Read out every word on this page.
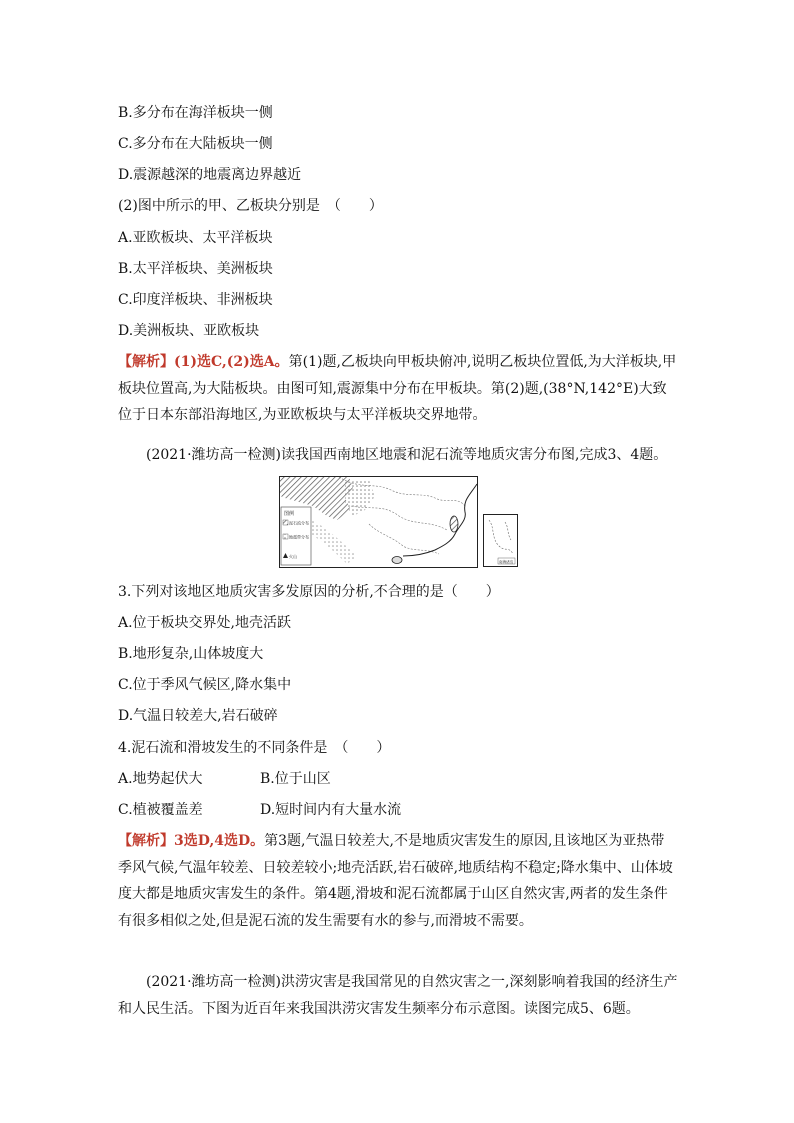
B.多分布在海洋板块一侧
C.多分布在大陆板块一侧
D.震源越深的地震离边界越近
(2)图中所示的甲、乙板块分别是　（　　）
A.亚欧板块、太平洋板块
B.太平洋板块、美洲板块
C.印度洋板块、非洲板块
D.美洲板块、亚欧板块
【解析】(1)选C,(2)选A。第(1)题,乙板块向甲板块俯冲,说明乙板块位置低,为大洋板块,甲板块位置高,为大陆板块。由图可知,震源集中分布在甲板块。第(2)题,(38°N,142°E)大致位于日本东部沿海地区,为亚欧板块与太平洋板块交界地带。
(2021·潍坊高一检测)读我国西南地区地震和泥石流等地质灾害分布图,完成3、4题。
图例
泥石流分布
地震带分布
火山
南海诸岛
3.下列对该地区地质灾害多发原因的分析,不合理的是（　　）
A.位于板块交界处,地壳活跃
B.地形复杂,山体坡度大
C.位于季风气候区,降水集中
D.气温日较差大,岩石破碎
4.泥石流和滑坡发生的不同条件是　（　　）
A.地势起伏大	B.位于山区
C.植被覆盖差	D.短时间内有大量水流
【解析】3选D,4选D。第3题,气温日较差大,不是地质灾害发生的原因,且该地区为亚热带季风气候,气温年较差、日较差较小;地壳活跃,岩石破碎,地质结构不稳定;降水集中、山体坡度大都是地质灾害发生的条件。第4题,滑坡和泥石流都属于山区自然灾害,两者的发生条件有很多相似之处,但是泥石流的发生需要有水的参与,而滑坡不需要。
(2021·潍坊高一检测)洪涝灾害是我国常见的自然灾害之一,深刻影响着我国的经济生产和人民生活。下图为近百年来我国洪涝灾害发生频率分布示意图。读图完成5、6题。
